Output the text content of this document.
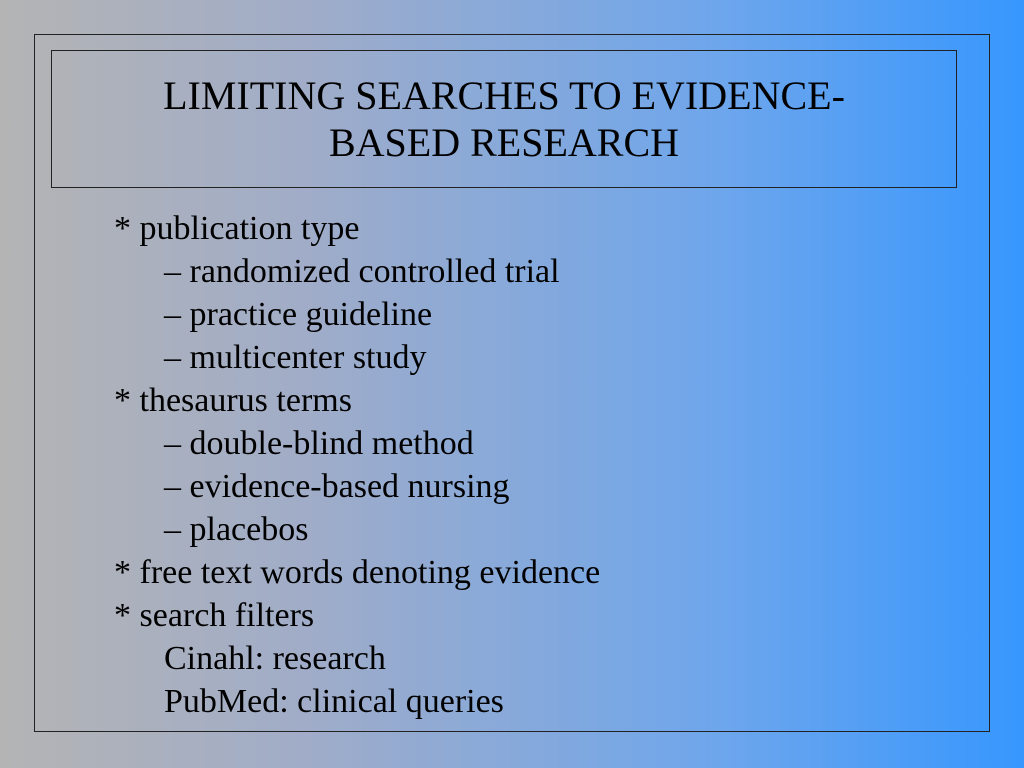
LIMITING SEARCHES TO EVIDENCE-
BASED RESEARCH
* publication type
– randomized controlled trial
– practice guideline
– multicenter study
* thesaurus terms
– double-blind method
– evidence-based nursing
– placebos
* free text words denoting evidence
* search filters
Cinahl: research
PubMed: clinical queries
